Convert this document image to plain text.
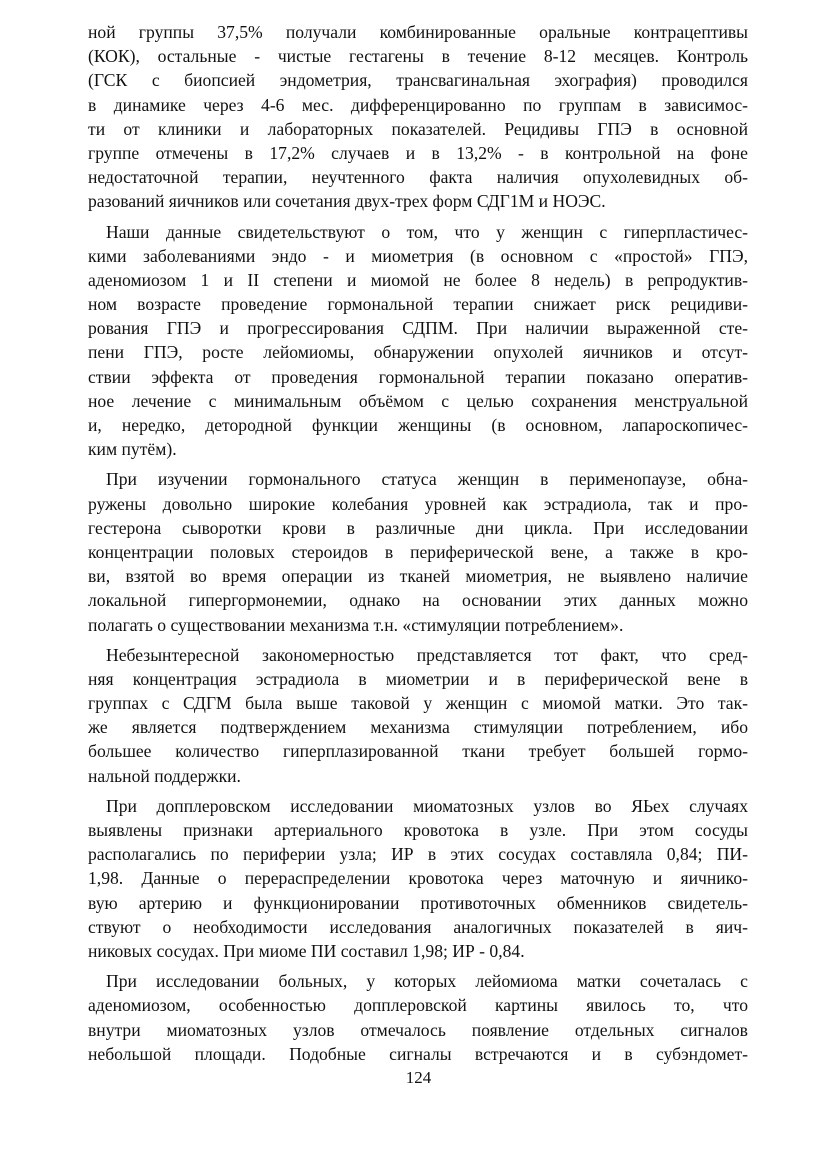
ной группы 37,5% получали комбинированные оральные контрацептивы
(КОК), остальные - чистые гестагены в течение 8-12 месяцев. Контроль
(ГСК с биопсией эндометрия, трансвагинальная эхография) проводился
в динамике через 4-6 мес. дифференцированно по группам в зависимос-
ти от клиники и лабораторных показателей. Рецидивы ГПЭ в основной
группе отмечены в 17,2% случаев и в 13,2% - в контрольной на фоне
недостаточной терапии, неучтенного факта наличия опухолевидных об-
разований яичников или сочетания двух-трех форм СДГ1М и НОЭС.
Наши данные свидетельствуют о том, что у женщин с гиперпластичес-
кими заболеваниями эндо - и миометрия (в основном с «простой» ГПЭ,
аденомиозом 1 и II степени и миомой не более 8 недель) в репродуктив-
ном возрасте проведение гормональной терапии снижает риск рецидиви-
рования ГПЭ и прогрессирования СДПМ. При наличии выраженной сте-
пени ГПЭ, росте лейомиомы, обнаружении опухолей яичников и отсут-
ствии эффекта от проведения гормональной терапии показано оператив-
ное лечение с минимальным объёмом с целью сохранения менструальной
и, нередко, детородной функции женщины (в основном, лапароскопичес-
ким путём).
При изучении гормонального статуса женщин в перименопаузе, обна-
ружены довольно широкие колебания уровней как эстрадиола, так и про-
гестерона сыворотки крови в различные дни цикла. При исследовании
концентрации половых стероидов в периферической вене, а также в кро-
ви, взятой во время операции из тканей миометрия, не выявлено наличие
локальной гипергормонемии, однако на основании этих данных можно
полагать о существовании механизма т.н. «стимуляции потреблением».
Небезынтересной закономерностью представляется тот факт, что сред-
няя концентрация эстрадиола в миометрии и в периферической вене в
группах с СДГМ была выше таковой у женщин с миомой матки. Это так-
же является подтверждением механизма стимуляции потреблением, ибо
большее количество гиперплазированной ткани требует большей гормо-
нальной поддержки.
При допплеровском исследовании миоматозных узлов во ЯЬех случаях
выявлены признаки артериального кровотока в узле. При этом сосуды
располагались по периферии узла; ИР в этих сосудах составляла 0,84; ПИ-
1,98. Данные о перераспределении кровотока через маточную и яичнико-
вую артерию и функционировании противоточных обменников свидетель-
ствуют о необходимости исследования аналогичных показателей в яич-
никовых сосудах. При миоме ПИ составил 1,98; ИР - 0,84.
При исследовании больных, у которых лейомиома матки сочеталась с
аденомиозом, особенностью допплеровской картины явилось то, что
внутри миоматозных узлов отмечалось появление отдельных сигналов
небольшой площади. Подобные сигналы встречаются и в субэндомет-
124
